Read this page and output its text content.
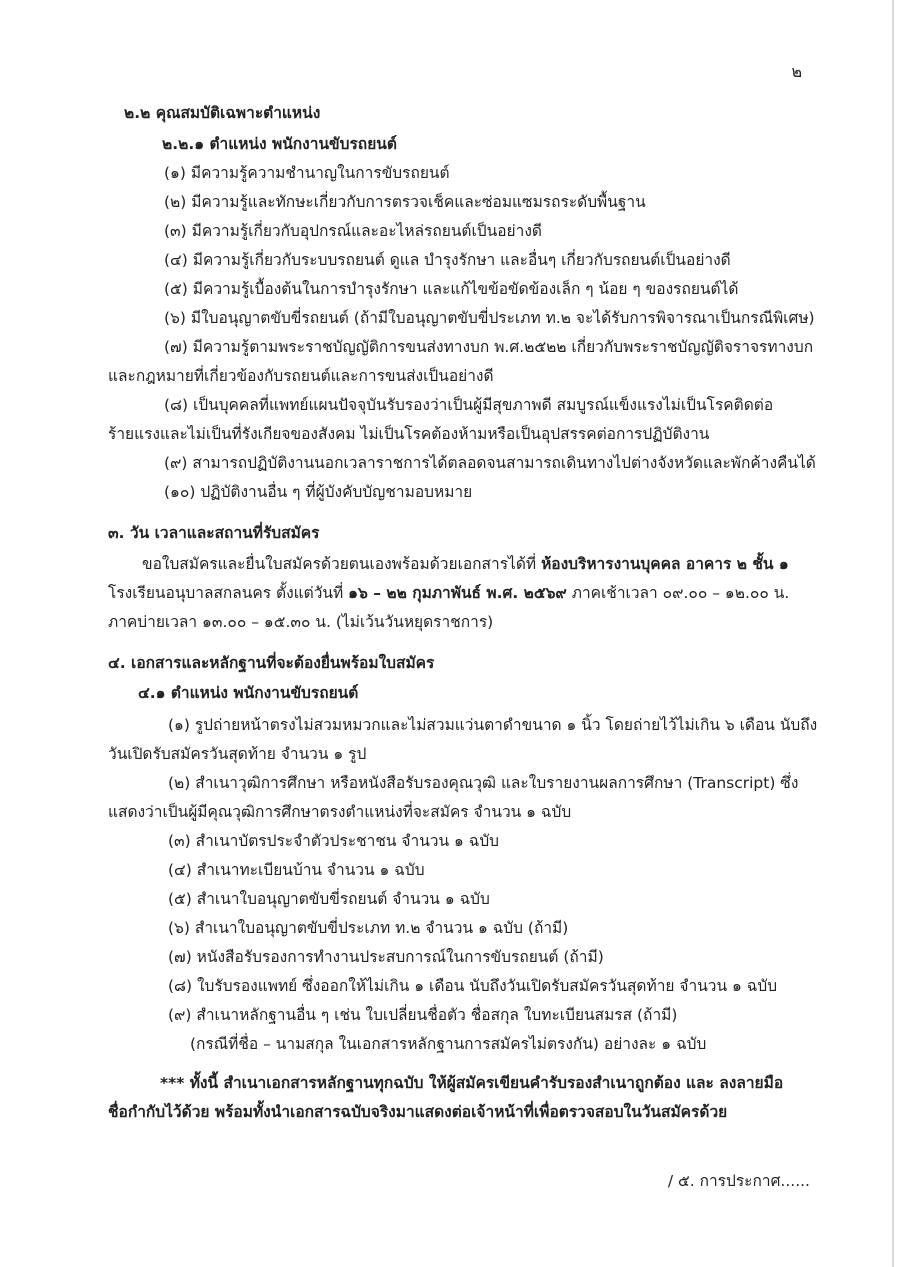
๒
๒.๒ คุณสมบัติเฉพาะตำแหน่ง
๒.๒.๑ ตำแหน่ง พนักงานขับรถยนต์
(๑) มีความรู้ความชำนาญในการขับรถยนต์
(๒) มีความรู้และทักษะเกี่ยวกับการตรวจเช็คและซ่อมแซมรถระดับพื้นฐาน
(๓) มีความรู้เกี่ยวกับอุปกรณ์และอะไหล่รถยนต์เป็นอย่างดี
(๔) มีความรู้เกี่ยวกับระบบรถยนต์ ดูแล บำรุงรักษา และอื่นๆ เกี่ยวกับรถยนต์เป็นอย่างดี
(๕) มีความรู้เบื้องต้นในการบำรุงรักษา และแก้ไขข้อขัดข้องเล็ก ๆ น้อย ๆ ของรถยนต์ได้
(๖) มีใบอนุญาตขับขี่รถยนต์ (ถ้ามีใบอนุญาตขับขี่ประเภท ท.๒ จะได้รับการพิจารณาเป็นกรณีพิเศษ)
(๗) มีความรู้ตามพระราชบัญญัติการขนส่งทางบก พ.ศ.๒๕๒๒ เกี่ยวกับพระราชบัญญัติจราจรทางบก
และกฎหมายที่เกี่ยวข้องกับรถยนต์และการขนส่งเป็นอย่างดี
(๘) เป็นบุคคลที่แพทย์แผนปัจจุบันรับรองว่าเป็นผู้มีสุขภาพดี สมบูรณ์แข็งแรงไม่เป็นโรคติดต่อ
ร้ายแรงและไม่เป็นที่รังเกียจของสังคม ไม่เป็นโรคต้องห้ามหรือเป็นอุปสรรคต่อการปฏิบัติงาน
(๙) สามารถปฏิบัติงานนอกเวลาราชการได้ตลอดจนสามารถเดินทางไปต่างจังหวัดและพักค้างคืนได้
(๑๐) ปฏิบัติงานอื่น ๆ ที่ผู้บังคับบัญชามอบหมาย
๓. วัน เวลาและสถานที่รับสมัคร
ขอใบสมัครและยื่นใบสมัครด้วยตนเองพร้อมด้วยเอกสารได้ที่ ห้องบริหารงานบุคคล อาคาร ๒ ชั้น ๑
โรงเรียนอนุบาลสกลนคร ตั้งแต่วันที่ ๑๖ – ๒๒ กุมภาพันธ์ พ.ศ. ๒๕๖๙ ภาคเช้าเวลา ๐๙.๐๐ – ๑๒.๐๐ น.
ภาคบ่ายเวลา ๑๓.๐๐ – ๑๕.๓๐ น. (ไม่เว้นวันหยุดราชการ)
๔. เอกสารและหลักฐานที่จะต้องยื่นพร้อมใบสมัคร
๔.๑ ตำแหน่ง พนักงานขับรถยนต์
(๑) รูปถ่ายหน้าตรงไม่สวมหมวกและไม่สวมแว่นตาดำขนาด ๑ นิ้ว โดยถ่ายไว้ไม่เกิน ๖ เดือน นับถึง
วันเปิดรับสมัครวันสุดท้าย จำนวน ๑ รูป
(๒) สำเนาวุฒิการศึกษา หรือหนังสือรับรองคุณวุฒิ และใบรายงานผลการศึกษา (Transcript) ซึ่ง
แสดงว่าเป็นผู้มีคุณวุฒิการศึกษาตรงตำแหน่งที่จะสมัคร จำนวน ๑ ฉบับ
(๓) สำเนาบัตรประจำตัวประชาชน จำนวน ๑ ฉบับ
(๔) สำเนาทะเบียนบ้าน จำนวน ๑ ฉบับ
(๕) สำเนาใบอนุญาตขับขี่รถยนต์ จำนวน ๑ ฉบับ
(๖) สำเนาใบอนุญาตขับขี่ประเภท ท.๒ จำนวน ๑ ฉบับ (ถ้ามี)
(๗) หนังสือรับรองการทำงานประสบการณ์ในการขับรถยนต์ (ถ้ามี)
(๘) ใบรับรองแพทย์ ซึ่งออกให้ไม่เกิน ๑ เดือน นับถึงวันเปิดรับสมัครวันสุดท้าย จำนวน ๑ ฉบับ
(๙) สำเนาหลักฐานอื่น ๆ เช่น ใบเปลี่ยนชื่อตัว ชื่อสกุล ใบทะเบียนสมรส (ถ้ามี)
(กรณีที่ชื่อ – นามสกุล ในเอกสารหลักฐานการสมัครไม่ตรงกัน) อย่างละ ๑ ฉบับ
*** ทั้งนี้ สำเนาเอกสารหลักฐานทุกฉบับ ให้ผู้สมัครเขียนคำรับรองสำเนาถูกต้อง และ ลงลายมือ
ชื่อกำกับไว้ด้วย พร้อมทั้งนำเอกสารฉบับจริงมาแสดงต่อเจ้าหน้าที่เพื่อตรวจสอบในวันสมัครด้วย
/ ๕. การประกาศ......
